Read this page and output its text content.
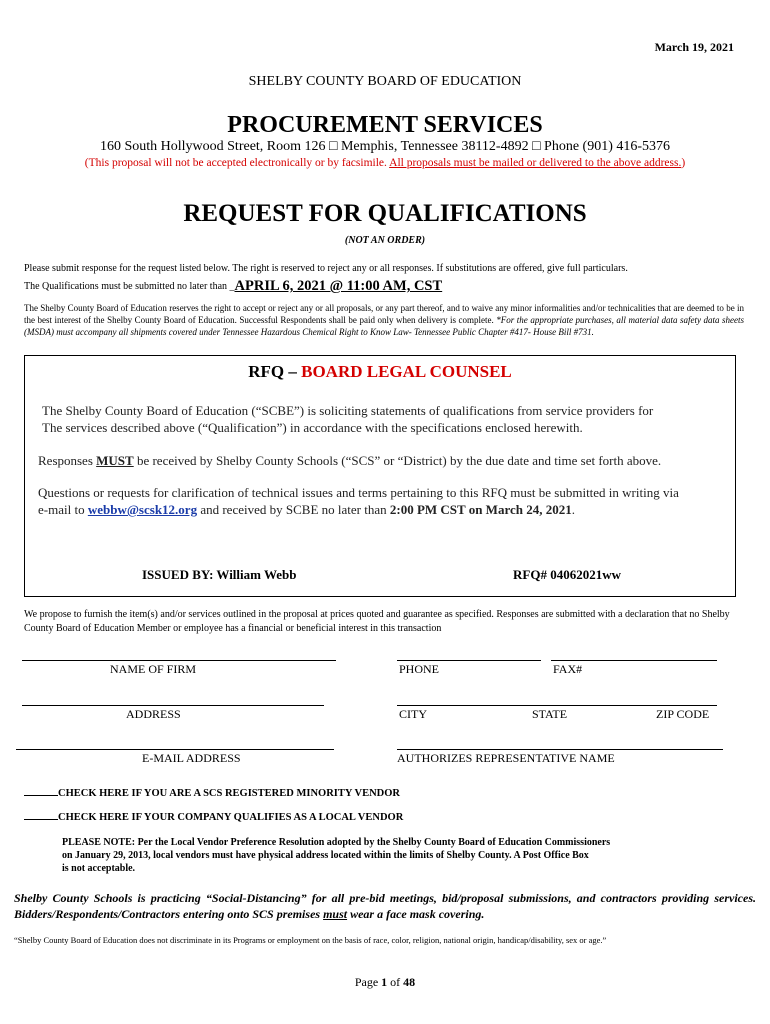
March 19, 2021
SHELBY COUNTY BOARD OF EDUCATION
PROCUREMENT SERVICES
160 South Hollywood Street, Room 126 □ Memphis, Tennessee 38112-4892 □ Phone (901) 416-5376
(This proposal will not be accepted electronically or by facsimile. All proposals must be mailed or delivered to the above address.)
REQUEST FOR QUALIFICATIONS
(NOT AN ORDER)
Please submit response for the request listed below. The right is reserved to reject any or all responses. If substitutions are offered, give full particulars.
The Qualifications must be submitted no later than _APRIL 6, 2021 @ 11:00 AM, CST
The Shelby County Board of Education reserves the right to accept or reject any or all proposals, or any part thereof, and to waive any minor informalities and/or technicalities that are deemed to be in the best interest of the Shelby County Board of Education. Successful Respondents shall be paid only when delivery is complete. *For the appropriate purchases, all material data safety data sheets (MSDA) must accompany all shipments covered under Tennessee Hazardous Chemical Right to Know Law- Tennessee Public Chapter #417- House Bill #731.
RFQ – BOARD LEGAL COUNSEL
The Shelby County Board of Education (“SCBE”) is soliciting statements of qualifications from service providers for
The services described above (“Qualification”) in accordance with the specifications enclosed herewith.
Responses MUST be received by Shelby County Schools (“SCS” or “District) by the due date and time set forth above.
Questions or requests for clarification of technical issues and terms pertaining to this RFQ must be submitted in writing via
e-mail to webbw@scsk12.org and received by SCBE no later than 2:00 PM CST on March 24, 2021.
ISSUED BY: William Webb	RFQ# 04062021ww
We propose to furnish the item(s) and/or services outlined in the proposal at prices quoted and guarantee as specified. Responses are submitted with a declaration that no Shelby County Board of Education Member or employee has a financial or beneficial interest in this transaction
NAME OF FIRM	PHONE	FAX#
ADDRESS	CITY	STATE	ZIP CODE
E-MAIL ADDRESS	AUTHORIZES REPRESENTATIVE NAME
CHECK HERE IF YOU ARE A SCS REGISTERED MINORITY VENDOR
CHECK HERE IF YOUR COMPANY QUALIFIES AS A LOCAL VENDOR
PLEASE NOTE: Per the Local Vendor Preference Resolution adopted by the Shelby County Board of Education Commissioners
on January 29, 2013, local vendors must have physical address located within the limits of Shelby County. A Post Office Box
is not acceptable.
Shelby County Schools is practicing “Social-Distancing” for all pre-bid meetings, bid/proposal submissions, and contractors providing services. Bidders/Respondents/Contractors entering onto SCS premises must wear a face mask covering.
“Shelby County Board of Education does not discriminate in its Programs or employment on the basis of race, color, religion, national origin, handicap/disability, sex or age.”
Page 1 of 48
